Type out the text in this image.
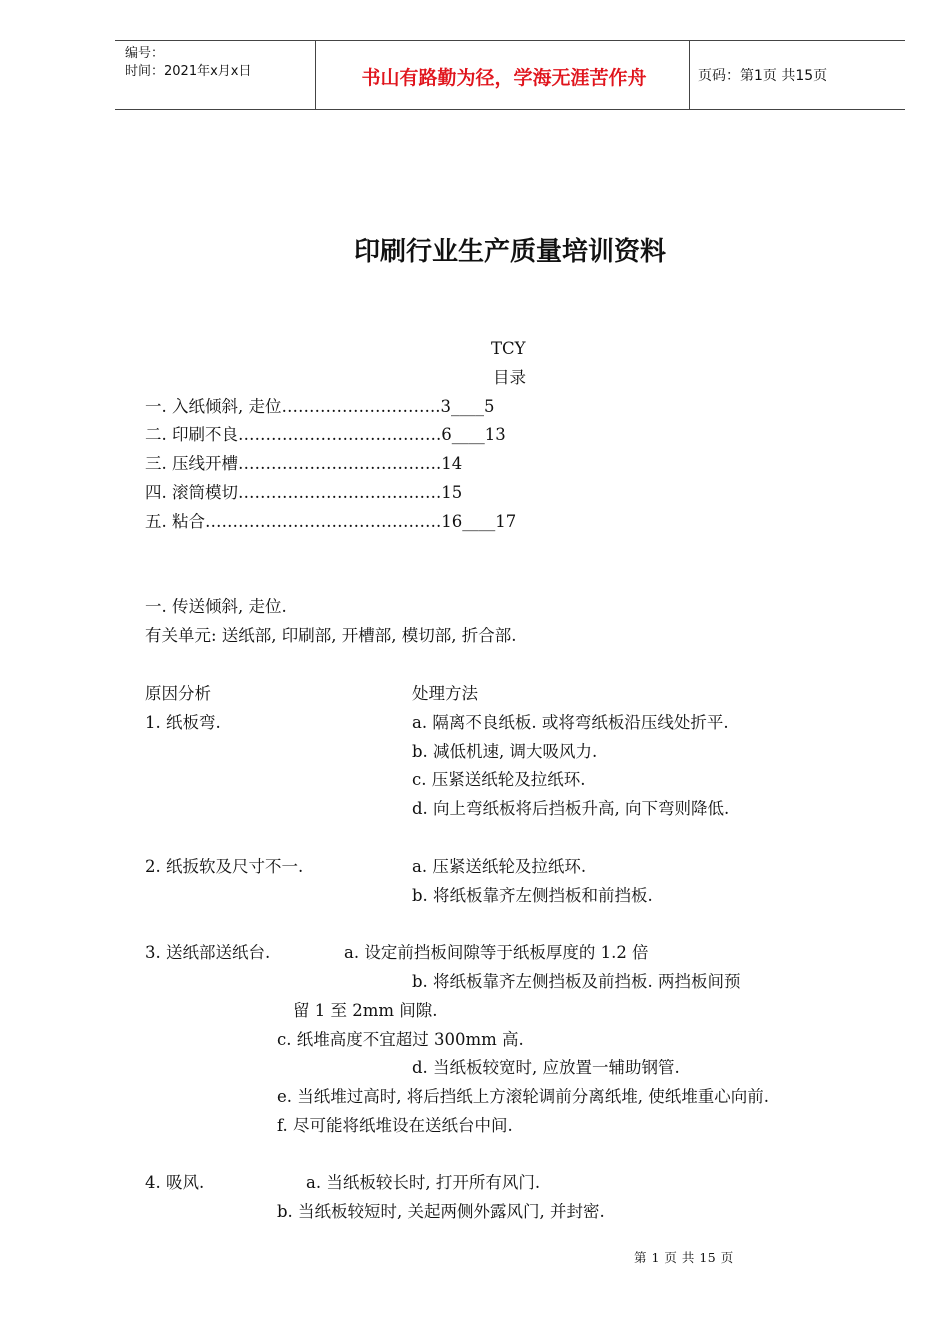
编号：
时间：2021年x月x日	书山有路勤为径，学海无涯苦作舟	页码：第1页 共15页
印刷行业生产质量培训资料
TCY
目录
一. 入纸倾斜, 走位………………………..3____5
二. 印刷不良……………………………….6____13
三. 压线开槽……………………………….14
四. 滚筒模切……………………………….15
五. 粘合…………………………………….16____17
一. 传送倾斜, 走位.
有关单元: 送纸部, 印刷部, 开槽部, 模切部, 折合部.
原因分析	处理方法
1. 纸板弯.	a. 隔离不良纸板. 或将弯纸板沿压线处折平.
b. 减低机速, 调大吸风力.
c. 压紧送纸轮及拉纸环.
d. 向上弯纸板将后挡板升高, 向下弯则降低.
2. 纸扳软及尺寸不一.	a. 压紧送纸轮及拉纸环.
b. 将纸板靠齐左侧挡板和前挡板.
3. 送纸部送纸台.	a. 设定前挡板间隙等于纸板厚度的 1.2 倍
b. 将纸板靠齐左侧挡板及前挡板. 两挡板间预
留 1 至 2mm 间隙.
c. 纸堆高度不宜超过 300mm 高.
d. 当纸板较宽时, 应放置一辅助钢管.
e. 当纸堆过高时, 将后挡纸上方滚轮调前分离纸堆, 使纸堆重心向前.
f. 尽可能将纸堆设在送纸台中间.
4. 吸风.	a. 当纸板较长时, 打开所有风门.
b. 当纸板较短时, 关起两侧外露风门, 并封密.
第 1 页 共 15 页
